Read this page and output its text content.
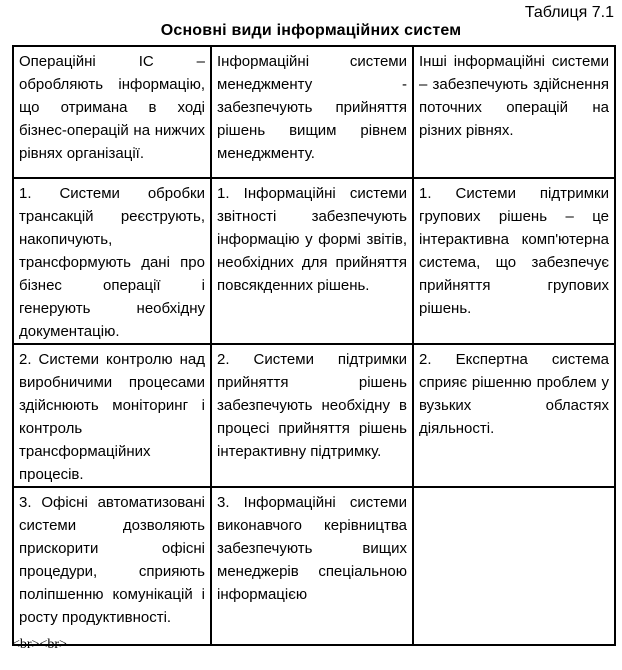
Таблиця 7.1
Основні види інформаційних систем
Операційні ІС – обробляють інформацію, що отримана в ході бізнес-операцій на нижчих рівнях організації.	Інформаційні системи менеджменту - забезпечують прийняття рішень вищим рівнем менеджменту.	Інші інформаційні системи – забезпечують здійснення поточних операцій на різних рівнях.

1. Системи обробки трансакцій реєструють, накопичують, трансформують дані про бізнес операції і генерують необхідну документацію.	1. Інформаційні системи звітності забезпечують інформацію у формі звітів, необхідних для прийняття повсякденних рішень.	1. Системи підтримки групових рішень – це інтерактивна комп'ютерна система, що забезпечує прийняття групових рішень.

2. Системи контролю над виробничими процесами здійснюють моніторинг і контроль трансформаційних процесів.	2. Системи підтримки прийняття рішень забезпечують необхідну в процесі прийняття рішень інтерактивну підтримку.	2. Експертна система сприяє рішенню проблем у вузьких областях діяльності.

3. Офісні автоматизовані системи дозволяють прискорити офісні процедури, сприяють поліпшенню комунікацій і росту продуктивності.	3. Інформаційні системи виконавчого керівництва забезпечують вищих менеджерів спеціальною інформацією	

<br><br>
